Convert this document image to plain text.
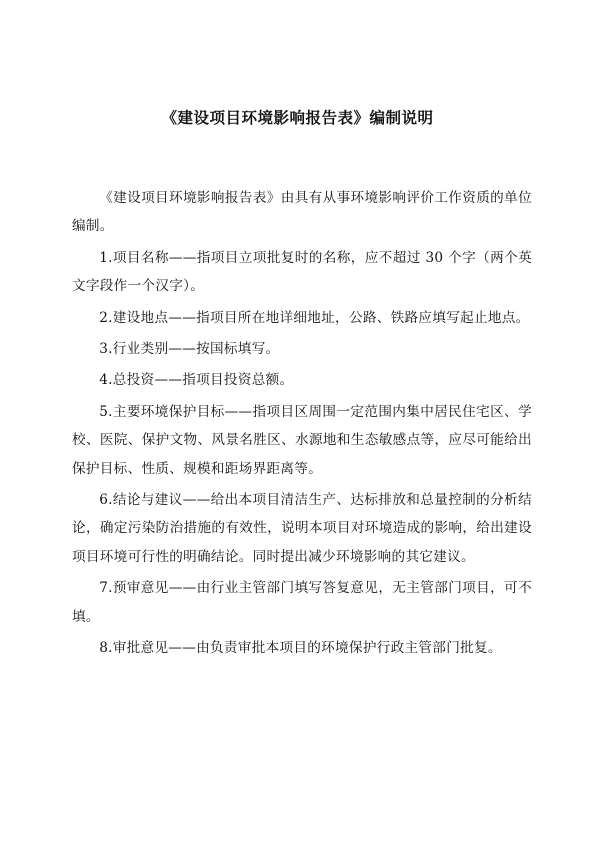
《建设项目环境影响报告表》编制说明

《建设项目环境影响报告表》由具有从事环境影响评价工作资质的单位编制。

1.项目名称——指项目立项批复时的名称，应不超过 30 个字（两个英文字段作一个汉字）。

2.建设地点——指项目所在地详细地址，公路、铁路应填写起止地点。

3.行业类别——按国标填写。

4.总投资——指项目投资总额。

5.主要环境保护目标——指项目区周围一定范围内集中居民住宅区、学校、医院、保护文物、风景名胜区、水源地和生态敏感点等，应尽可能给出保护目标、性质、规模和距场界距离等。

6.结论与建议——给出本项目清洁生产、达标排放和总量控制的分析结论，确定污染防治措施的有效性，说明本项目对环境造成的影响，给出建设项目环境可行性的明确结论。同时提出减少环境影响的其它建议。

7.预审意见——由行业主管部门填写答复意见，无主管部门项目，可不填。

8.审批意见——由负责审批本项目的环境保护行政主管部门批复。
